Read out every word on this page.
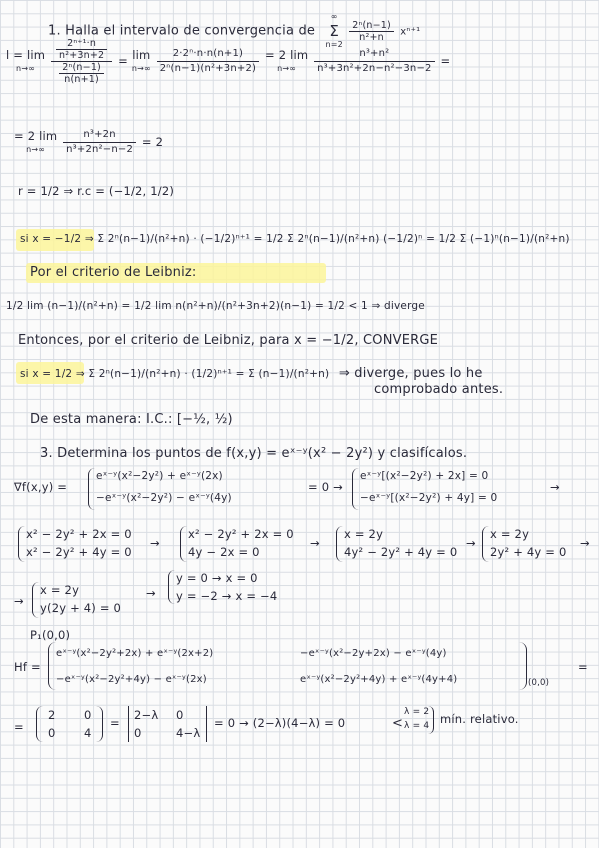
1. Halla el intervalo de convergencia de
∞
Σ
n=2

$\frac{\text{2ⁿ(n−1)}}{\text{n²+n}} x^{n+1}$
l = lim
n→∞
	$\frac{\frac{\text{2ⁿ⁺¹·n}}{\text{n²+3n+2}}}{\frac{\text{2ⁿ(n−1)}}{n(n+1)}} = \lim$
n→∞
$\frac{\text{2·2ⁿ·n·n(n+1)}}{\text{2ⁿ(n−1)(n²+3n+2)}}$
= 2 lim
n→∞
	$\frac{\text{n³+n²}}{\text{n³+3n²+2n−n²−3n−2}}$ =
= 2 lim
n→∞
	$\frac{\text{n³+2n}}{\text{n³+2n²−n−2}} = 2$
r = 1/2 ⇒ r.c = (−1/2, 1/2)
si x = −1/2 ⇒ Σ 2ⁿ(n−1)/(n²+n) · (−1/2)ⁿ⁺¹ = 1/2 Σ 2ⁿ(n−1)/(n²+n) (−1/2)ⁿ = 1/2 Σ (−1)ⁿ(n−1)/(n²+n)
Por el criterio de Leibniz:
1/2 lim (n−1)/(n²+n) = 1/2 lim n(n²+n)/(n²+3n+2)(n−1) = 1/2 < 1 ⇒ diverge
Entonces, por el criterio de Leibniz, para x = −1/2, CONVERGE
si x = 1/2 ⇒ Σ 2ⁿ(n−1)/(n²+n) · (1/2)ⁿ⁺¹ = Σ (n−1)/(n²+n) ⇒ diverge, pues lo he
comprobado antes.
De esta manera: I.C.: [−½, ½)
3. Determina los puntos de f(x,y) = eˣ⁻ʸ(x² − 2y²) y clasifícalos.
∇f(x,y) =
eˣ⁻ʸ(x²−2y²) + eˣ⁻ʸ(2x)
−eˣ⁻ʸ(x²−2y²) − eˣ⁻ʸ(4y)
= 0 →
eˣ⁻ʸ[(x²−2y²) + 2x] = 0
−eˣ⁻ʸ[(x²−2y²) + 4y] = 0
→
x² − 2y² + 2x = 0
x² − 2y² + 4y = 0
→
x² − 2y² + 2x = 0
4y − 2x = 0
→
x = 2y
4y² − 2y² + 4y = 0
→
x = 2y
2y² + 4y = 0
→
→
x = 2y
y(2y + 4) = 0
→
y = 0 → x = 0
y = −2 → x = −4
P₁(0,0)
Hf =
eˣ⁻ʸ(x²−2y²+2x) + eˣ⁻ʸ(2x+2)	−eˣ⁻ʸ(x²−2y+2x) − eˣ⁻ʸ(4y)
−eˣ⁻ʸ(x²−2y²+4y) − eˣ⁻ʸ(2x)	eˣ⁻ʸ(x²−2y²+4y) + eˣ⁻ʸ(4y+4)	(0,0)
=
=
2 0
0 4
=
2−λ 0
0	4−λ
= 0 → (2−λ)(4−λ) = 0	<
λ = 2
λ = 4 mín. relativo.
